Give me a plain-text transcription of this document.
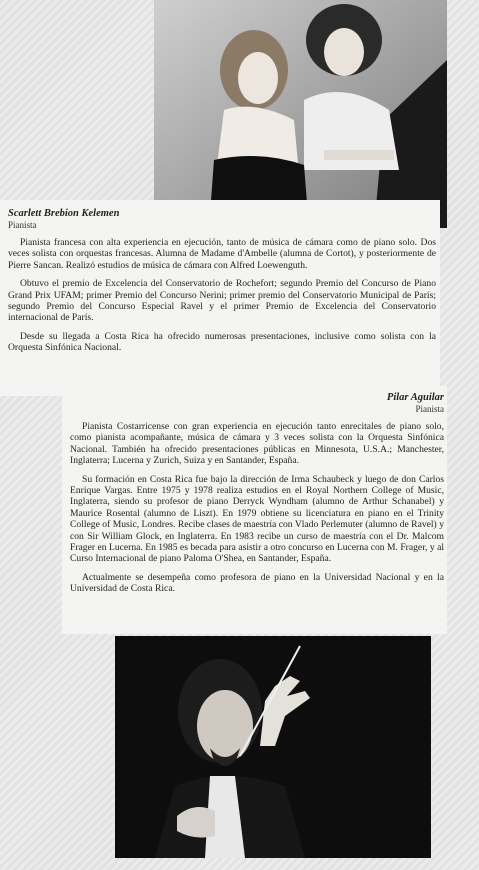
Scarlett Brebion Kelemen
Pianista

Pianista francesa con alta experiencia en ejecución, tanto de música de cámara como de piano solo. Dos veces solista con orquestas francesas. Alumna de Madame d'Ambelle (alumna de Cortot), y posteriormente de Pierre Sancan. Realizó estudios de música de cámara con Alfred Loewenguth.

Obtuvo el premio de Excelencia del Conservatorio de Rochefort; segundo Premio del Concurso de Piano Grand Prix UFAM; primer Premio del Concurso Nerini; primer premio del Conservatorio Municipal de París; segundo Premio del Concurso Especial Ravel y el primer Premio de Excelencia del Conservatorio internacional de París.

Desde su llegada a Costa Rica ha ofrecido numerosas presentaciones, inclusive como solista con la Orquesta Sinfónica Nacional.

Pilar Aguilar
Pianista

Pianista Costarricense con gran experiencia en ejecución tanto enrecitales de piano solo, como pianista acompañante, música de cámara y 3 veces solista con la Orquesta Sinfónica Nacional. También ha ofrecido presentaciones públicas en Minnesota, U.S.A.; Manchester, Inglaterra; Lucerna y Zurich, Suiza y en Santander, España.

Su formación en Costa Rica fue bajo la dirección de Irma Schaubeck y luego de don Carlos Enrique Vargas. Entre 1975 y 1978 realiza estudios en el Royal Northern College of Music, Inglaterra, siendo su profesor de piano Derryck Wyndham (alumno de Arthur Schanabel) y Maurice Rosental (alumno de Liszt). En 1979 obtiene su licenciatura en piano en el Trinity College of Music, Londres. Recibe clases de maestría con Vlado Perlemuter (alumno de Ravel) y con Sir William Glock, en Inglaterra. En 1983 recibe un curso de maestría con el Dr. Malcom Frager en Lucerna. En 1985 es becada para asistir a otro concurso en Lucerna con M. Frager, y al Curso Internacional de piano Paloma O'Shea, en Santander, España.

Actualmente se desempeña como profesora de piano en la Universidad Nacional y en la Universidad de Costa Rica.
